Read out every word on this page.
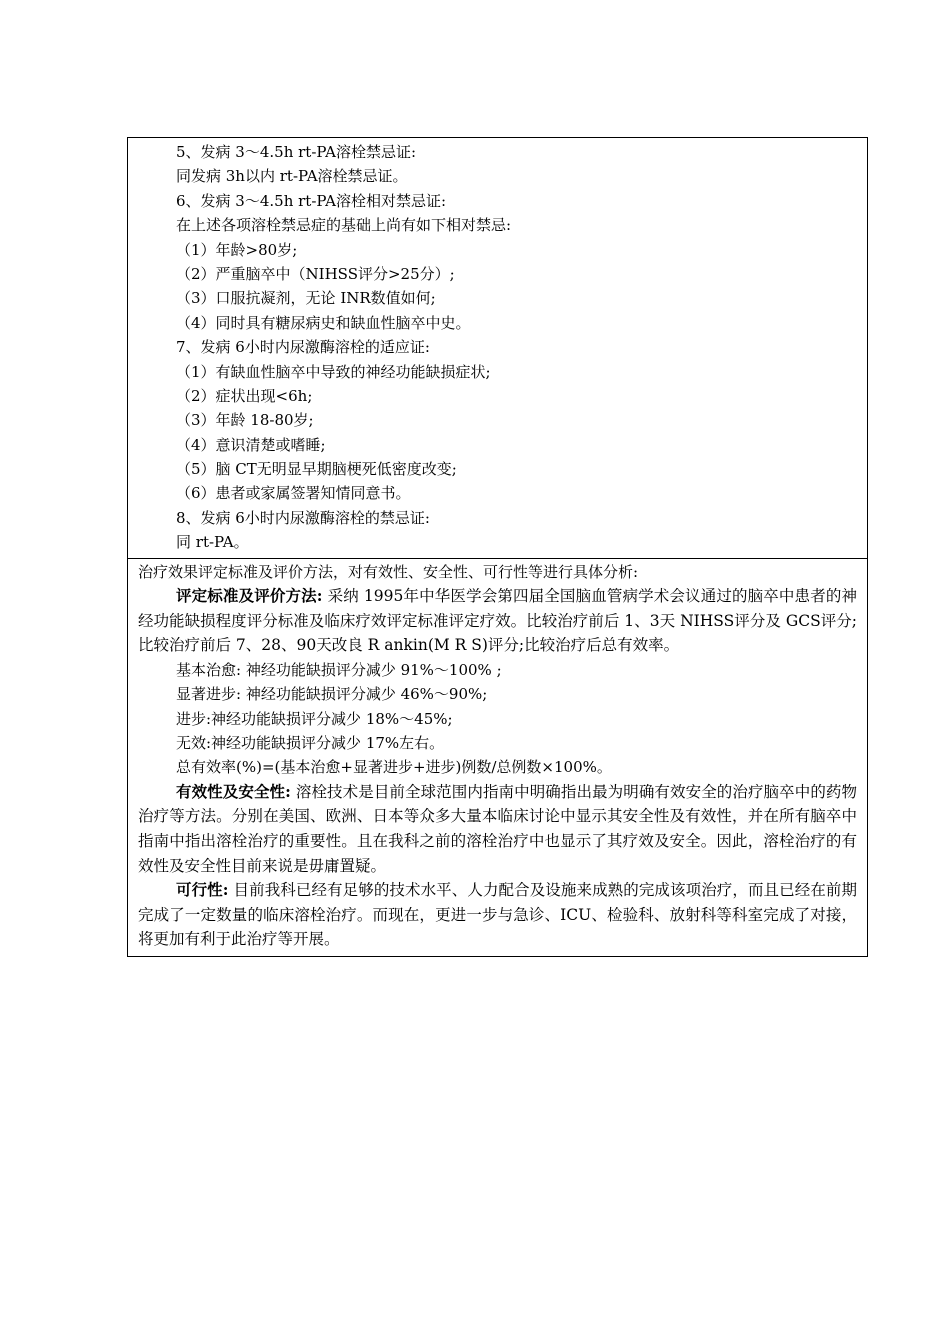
5、发病 3～4.5h rt-PA溶栓禁忌证:
同发病 3h以内 rt-PA溶栓禁忌证。
6、发病 3～4.5h rt-PA溶栓相对禁忌证:
在上述各项溶栓禁忌症的基础上尚有如下相对禁忌:
（1）年龄>80岁;
（2）严重脑卒中（NIHSS评分>25分）;
（3）口服抗凝剂，无论 INR数值如何;
（4）同时具有糖尿病史和缺血性脑卒中史。
7、发病 6小时内尿激酶溶栓的适应证:
（1）有缺血性脑卒中导致的神经功能缺损症状;
（2）症状出现<6h;
（3）年龄 18-80岁;
（4）意识清楚或嗜睡;
（5）脑 CT无明显早期脑梗死低密度改变;
（6）患者或家属签署知情同意书。
8、发病 6小时内尿激酶溶栓的禁忌证:
同 rt-PA。
治疗效果评定标准及评价方法，对有效性、安全性、可行性等进行具体分析:
评定标准及评价方法: 采纳 1995年中华医学会第四届全国脑血管病学术会议通过的脑卒中患者的神经功能缺损程度评分标准及临床疗效评定标准评定疗效。比较治疗前后 1、3天 NIHSS评分及 GCS评分;比较治疗前后 7、28、90天改良 R ankin(M R S)评分;比较治疗后总有效率。
基本治愈: 神经功能缺损评分减少 91%～100% ;
显著进步: 神经功能缺损评分减少 46%～90%;
进步:神经功能缺损评分减少 18%～45%;
无效:神经功能缺损评分减少 17%左右。
总有效率(%)=(基本治愈+显著进步+进步)例数/总例数×100%。
有效性及安全性: 溶栓技术是目前全球范围内指南中明确指出最为明确有效安全的治疗脑卒中的药物治疗等方法。分别在美国、欧洲、日本等众多大量本临床讨论中显示其安全性及有效性，并在所有脑卒中指南中指出溶栓治疗的重要性。且在我科之前的溶栓治疗中也显示了其疗效及安全。因此，溶栓治疗的有效性及安全性目前来说是毋庸置疑。
可行性: 目前我科已经有足够的技术水平、人力配合及设施来成熟的完成该项治疗，而且已经在前期完成了一定数量的临床溶栓治疗。而现在，更进一步与急诊、ICU、检验科、放射科等科室完成了对接，将更加有利于此治疗等开展。
